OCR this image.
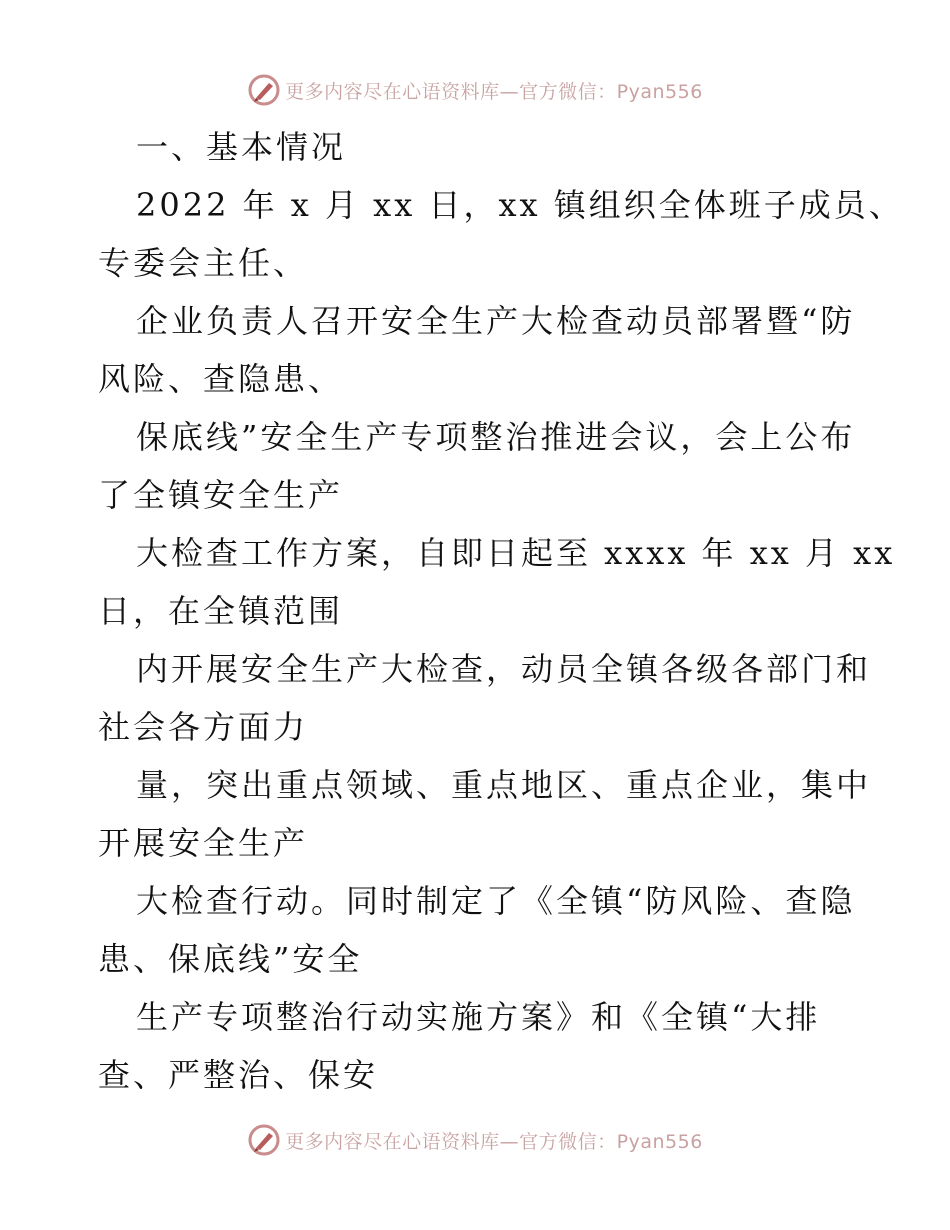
更多内容尽在心语资料库—官方微信：Pyan556
一、基本情况
2022 年 x 月 xx 日，xx 镇组织全体班子成员、
专委会主任、
企业负责人召开安全生产大检查动员部署暨“防
风险、查隐患、
保底线”安全生产专项整治推进会议，会上公布
了全镇安全生产
大检查工作方案，自即日起至 xxxx 年 xx 月 xx
日，在全镇范围
内开展安全生产大检查，动员全镇各级各部门和
社会各方面力
量，突出重点领域、重点地区、重点企业，集中
开展安全生产
大检查行动。同时制定了《全镇“防风险、查隐
患、保底线”安全
生产专项整治行动实施方案》和《全镇“大排
查、严整治、保安
更多内容尽在心语资料库—官方微信：Pyan556
